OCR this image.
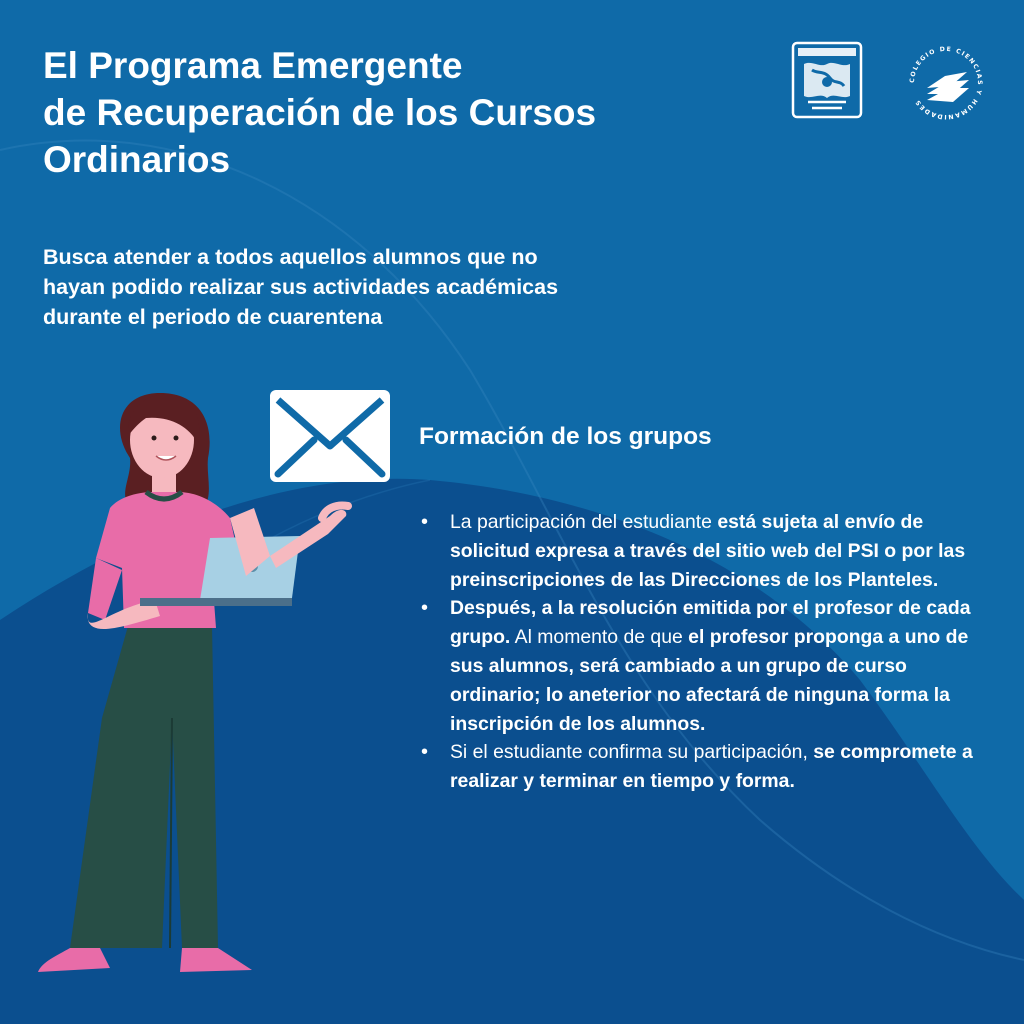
El Programa Emergente
de Recuperación de los Cursos
Ordinarios

Busca atender a todos aquellos alumnos que no
hayan podido realizar sus actividades académicas
durante el periodo de cuarentena

COLEGIO DE CIENCIAS Y HUMANIDADES
Formación de los grupos
• La participación del estudiante está sujeta al envío de solicitud expresa a través del sitio web del PSI o por las preinscripciones de las Direcciones de los Planteles.
• Después, a la resolución emitida por el profesor de cada grupo. Al momento de que el profesor proponga a uno de sus alumnos, será cambiado a un grupo de curso ordinario; lo aneterior no afectará de ninguna forma la inscripción de los alumnos.
• Si el estudiante confirma su participación, se compromete a realizar y terminar en tiempo y forma.
